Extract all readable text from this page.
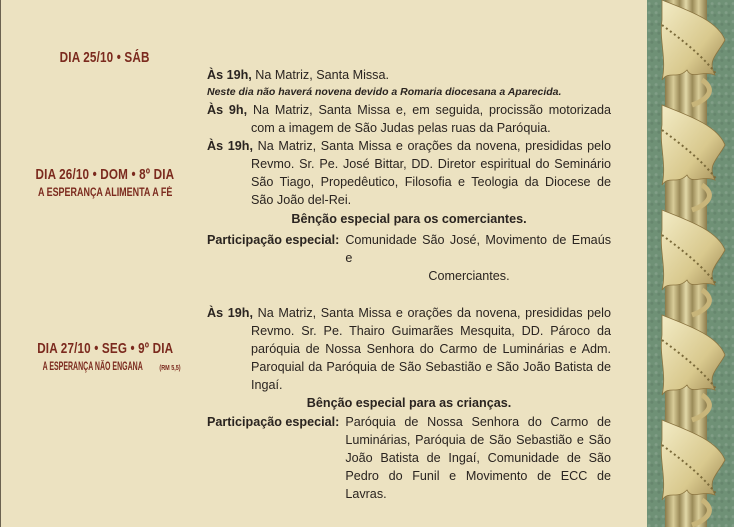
DIA 25/10 • SÁB
Às 19h, Na Matriz, Santa Missa.
Neste dia não haverá novena devido a Romaria diocesana a Aparecida.
DIA 26/10 • DOM • 8º DIA
A ESPERANÇA ALIMENTA A FÉ
Às 9h, Na Matriz, Santa Missa e, em seguida, procissão motorizada com a imagem de São Judas pelas ruas da Paróquia.
Às 19h, Na Matriz, Santa Missa e orações da novena, presididas pelo Revmo. Sr. Pe. José Bittar, DD. Diretor espiritual do Seminário São Tiago, Propedêutico, Filosofia e Teologia da Diocese de São João del-Rei.
Bênção especial para os comerciantes.
Participação especial: Comunidade São José, Movimento de Emaús e
Comerciantes.
DIA 27/10 • SEG • 9º DIA
A ESPERANÇA NÃO ENGANA (RM 5,5)
Às 19h, Na Matriz, Santa Missa e orações da novena, presididas pelo Revmo. Sr. Pe. Thairo Guimarães Mesquita, DD. Pároco da paróquia de Nossa Senhora do Carmo de Luminárias e Adm. Paroquial da Paróquia de São Sebastião e São João Batista de Ingaí.
Bênção especial para as crianças.
Participação especial: Paróquia de Nossa Senhora do Carmo de Luminárias, Paróquia de São Sebastião e São João Batista de Ingaí, Comunidade de São Pedro do Funil e Movimento de ECC de Lavras.
